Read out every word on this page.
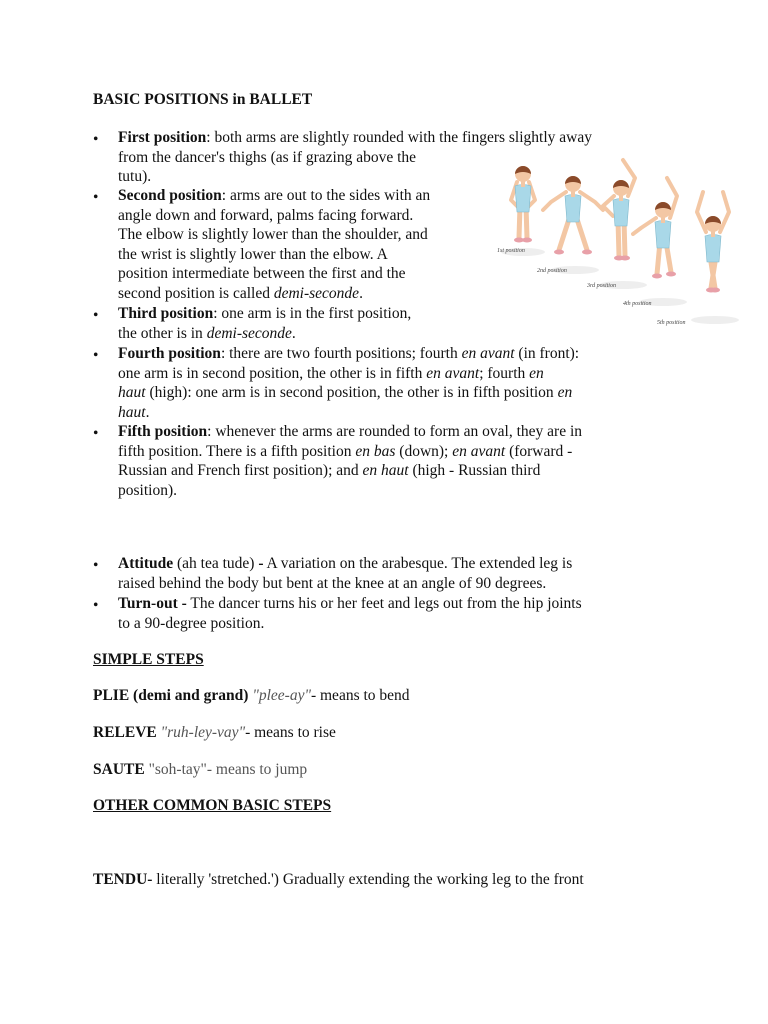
BASIC POSITIONS in BALLET
• First position: both arms are slightly rounded with the fingers slightly away
from the dancer's thighs (as if grazing above the
tutu).
• Second position: arms are out to the sides with an
angle down and forward, palms facing forward.
The elbow is slightly lower than the shoulder, and
the wrist is slightly lower than the elbow. A
position intermediate between the first and the
second position is called demi-seconde.
• Third position: one arm is in the first position,
the other is in demi-seconde.
• Fourth position: there are two fourth positions; fourth en avant (in front):
one arm is in second position, the other is in fifth en avant; fourth en
haut (high): one arm is in second position, the other is in fifth position en
haut.
• Fifth position: whenever the arms are rounded to form an oval, they are in
fifth position. There is a fifth position en bas (down); en avant (forward -
Russian and French first position); and en haut (high - Russian third
position).
• Attitude (ah tea tude) - A variation on the arabesque. The extended leg is
raised behind the body but bent at the knee at an angle of 90 degrees.
• Turn-out - The dancer turns his or her feet and legs out from the hip joints
to a 90-degree position.
SIMPLE STEPS
PLIE (demi and grand) "plee-ay"- means to bend
RELEVE "ruh-ley-vay"- means to rise
SAUTE "soh-tay"- means to jump
OTHER COMMON BASIC STEPS
TENDU- literally 'stretched.') Gradually extending the working leg to the front
1st position
2nd position
3rd position
4th position
5th position
